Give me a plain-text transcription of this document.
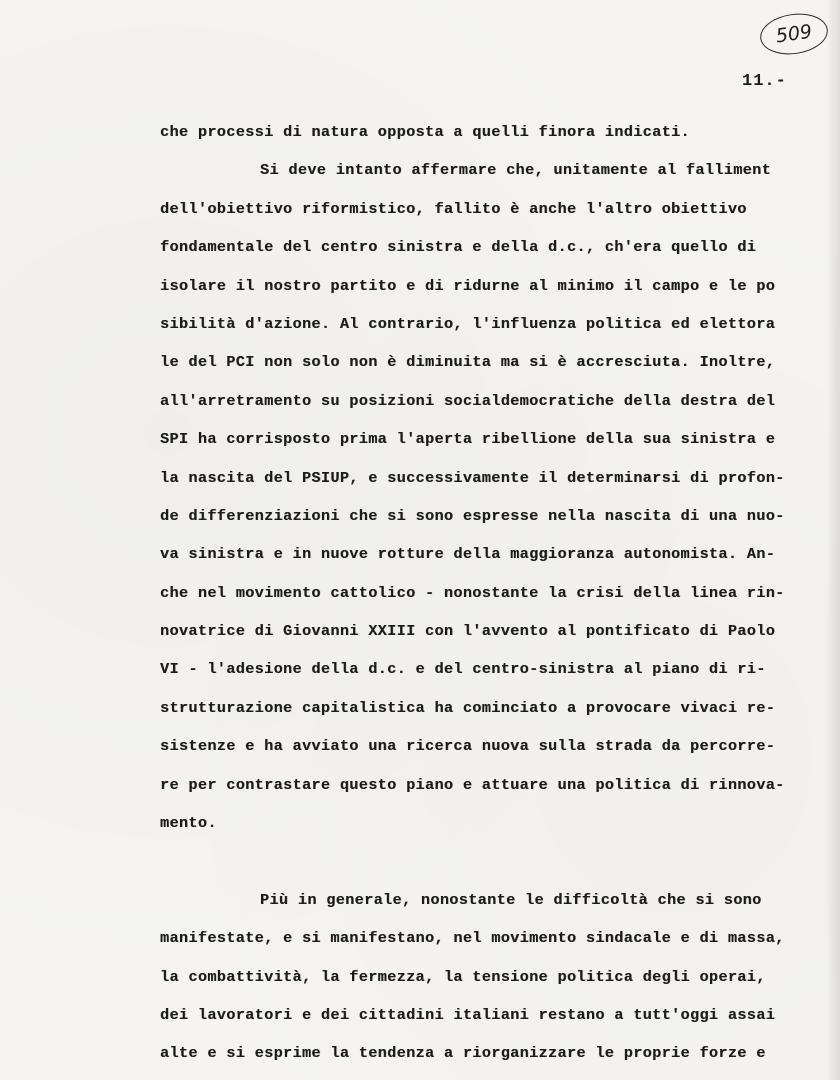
509
11.-
che processi di natura opposta a quelli finora indicati.
Si deve intanto affermare che, unitamente al falliment
dell'obiettivo riformistico, fallito è anche l'altro obiettivo
fondamentale del centro sinistra e della d.c., ch'era quello di
isolare il nostro partito e di ridurne al minimo il campo e le po
sibilità d'azione. Al contrario, l'influenza politica ed elettora
le del PCI non solo non è diminuita ma si è accresciuta. Inoltre,
all'arretramento su posizioni socialdemocratiche della destra del
SPI ha corrisposto prima l'aperta ribellione della sua sinistra e
la nascita del PSIUP, e successivamente il determinarsi di profon-
de differenziazioni che si sono espresse nella nascita di una nuo-
va sinistra e in nuove rotture della maggioranza autonomista. An-
che nel movimento cattolico - nonostante la crisi della linea rin-
novatrice di Giovanni XXIII con l'avvento al pontificato di Paolo
VI - l'adesione della d.c. e del centro-sinistra al piano di ri-
strutturazione capitalistica ha cominciato a provocare vivaci re-
sistenze e ha avviato una ricerca nuova sulla strada da percorre-
re per contrastare questo piano e attuare una politica di rinnova-
mento.
Più in generale, nonostante le difficoltà che si sono
manifestate, e si manifestano, nel movimento sindacale e di massa,
la combattività, la fermezza, la tensione politica degli operai,
dei lavoratori e dei cittadini italiani restano a tutt'oggi assai
alte e si esprime la tendenza a riorganizzare le proprie forze e
